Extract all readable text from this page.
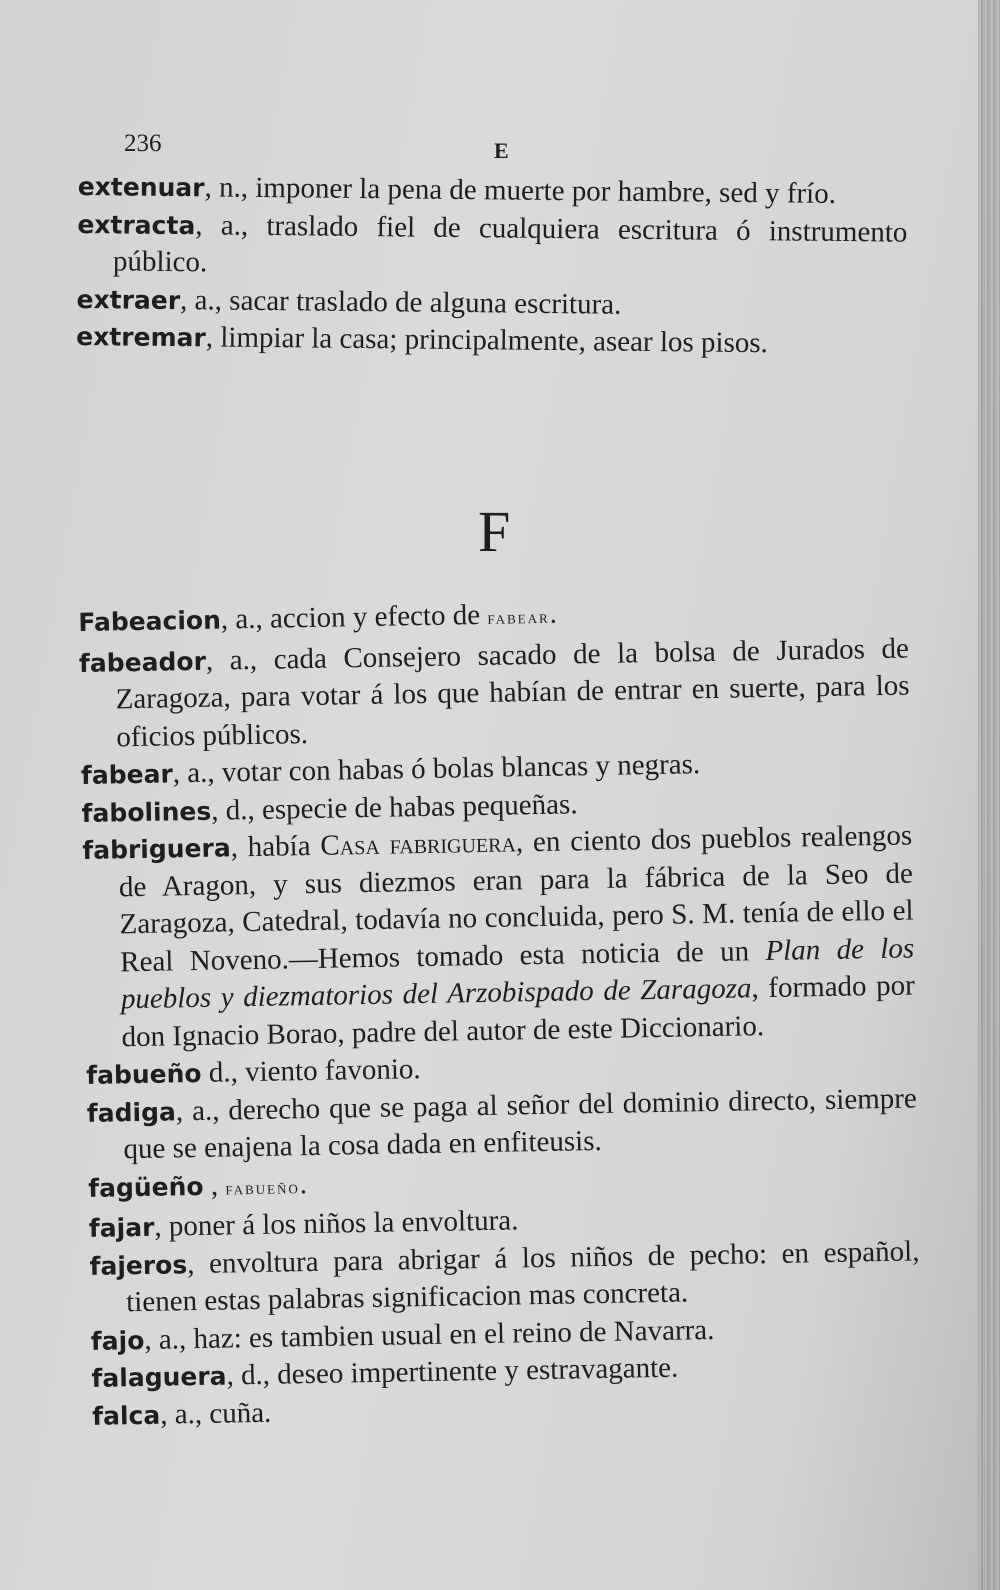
236	E

extenuar, n., imponer la pena de muerte por hambre, sed y frío.

extracta, a., traslado fiel de cualquiera escritura ó instrumento público.

extraer, a., sacar traslado de alguna escritura.

extremar, limpiar la casa; principalmente, asear los pisos.

F

Fabeacion, a., accion y efecto de fabear.

fabeador, a., cada Consejero sacado de la bolsa de Jurados de Zaragoza, para votar á los que habían de entrar en suerte, para los oficios públicos.

fabear, a., votar con habas ó bolas blancas y negras.

fabolines, d., especie de habas pequeñas.

fabriguera, había Casa fabriguera, en ciento dos pueblos realengos de Aragon, y sus diezmos eran para la fábrica de la Seo de Zaragoza, Catedral, todavía no concluida, pero S. M. tenía de ello el Real Noveno.—Hemos tomado esta noticia de un Plan de los pueblos y diezmatorios del Arzobispado de Zaragoza, formado por don Ignacio Borao, padre del autor de este Diccionario.

fabueño d., viento favonio.

fadiga, a., derecho que se paga al señor del dominio directo, siempre que se enajena la cosa dada en enfiteusis.

fagüeño , fabueño.

fajar, poner á los niños la envoltura.

fajeros, envoltura para abrigar á los niños de pecho: en español, tienen estas palabras significacion mas concreta.

fajo, a., haz: es tambien usual en el reino de Navarra.

falaguera, d., deseo impertinente y estravagante.

falca, a., cuña.
